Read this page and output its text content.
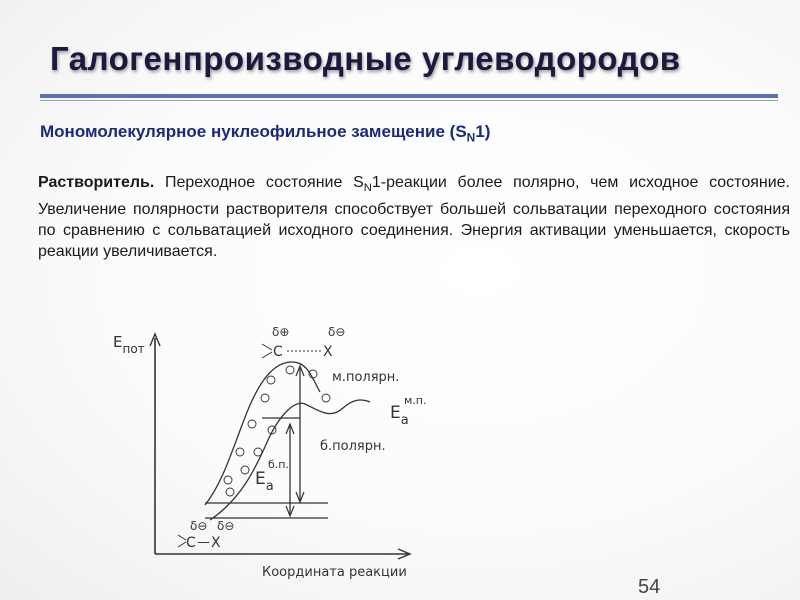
Галогенпроизводные углеводородов
Мономолекулярное нуклеофильное замещение $(S_N1)$
Растворитель. Переходное состояние $S_N1$-реакции более полярно, чем исходное состояние. Увеличение полярности растворителя способствует большей сольватации переходного состояния по сравнению с сольватацией исходного соединения. Энергия активации уменьшается, скорость реакции увеличивается.
$E_{пот}$
Координата реакции
δ⊕	δ⊖
C	X
δ⊖ δ⊖
C — X
м.полярн.
б.полярн.
$E_a$
м.п.
$E_a$
б.п.
54
